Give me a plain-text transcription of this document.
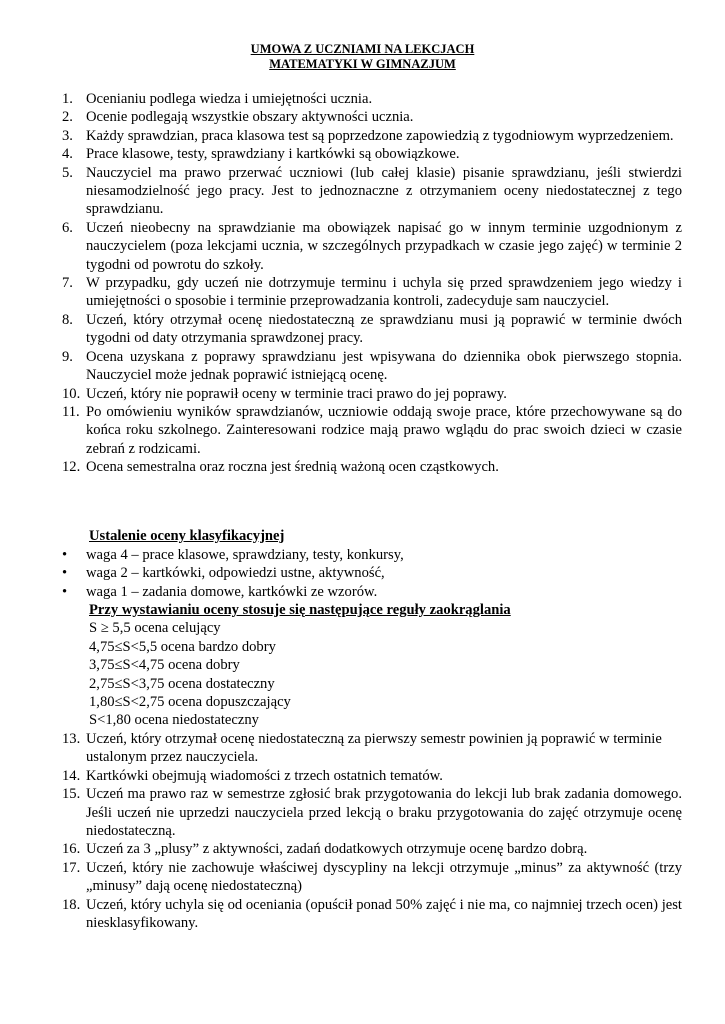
UMOWA Z UCZNIAMI NA LEKCJACH
MATEMATYKI W GIMNAZJUM
1. Ocenianiu podlega wiedza i umiejętności ucznia.
2. Ocenie podlegają wszystkie obszary aktywności ucznia.
3. Każdy sprawdzian, praca klasowa test są poprzedzone zapowiedzią z tygodniowym wyprzedzeniem.
4. Prace klasowe, testy, sprawdziany i kartkówki są obowiązkowe.
5. Nauczyciel ma prawo przerwać uczniowi (lub całej klasie) pisanie sprawdzianu, jeśli stwierdzi niesamodzielność jego pracy. Jest to jednoznaczne z otrzymaniem oceny niedostatecznej z tego sprawdzianu.
6. Uczeń nieobecny na sprawdzianie ma obowiązek napisać go w innym terminie uzgodnionym z nauczycielem (poza lekcjami ucznia, w szczególnych przypadkach w czasie jego zajęć) w terminie 2 tygodni od powrotu do szkoły.
7. W przypadku, gdy uczeń nie dotrzymuje terminu i uchyla się przed sprawdzeniem jego wiedzy i umiejętności o sposobie i terminie przeprowadzania kontroli, zadecyduje sam nauczyciel.
8. Uczeń, który otrzymał ocenę niedostateczną ze sprawdzianu musi ją poprawić w terminie dwóch tygodni od daty otrzymania sprawdzonej pracy.
9. Ocena uzyskana z poprawy sprawdzianu jest wpisywana do dziennika obok pierwszego stopnia. Nauczyciel może jednak poprawić istniejącą ocenę.
10. Uczeń, który nie poprawił oceny w terminie traci prawo do jej poprawy.
11. Po omówieniu wyników sprawdzianów, uczniowie oddają swoje prace, które przechowywane są do końca roku szkolnego. Zainteresowani rodzice mają prawo wglądu do prac swoich dzieci w czasie zebrań z rodzicami.
12. Ocena semestralna oraz roczna jest średnią ważoną ocen cząstkowych.
Ustalenie oceny klasyfikacyjnej
•	waga 4 – prace klasowe, sprawdziany, testy, konkursy,
•	waga 2 – kartkówki, odpowiedzi ustne, aktywność,
•	waga 1 – zadania domowe, kartkówki ze wzorów.
Przy wystawianiu oceny stosuje się następujące reguły zaokrąglania
S ≥ 5,5 ocena celujący
4,75≤S<5,5 ocena bardzo dobry
3,75≤S<4,75 ocena dobry
2,75≤S<3,75 ocena dostateczny
1,80≤S<2,75 ocena dopuszczający
S<1,80 ocena niedostateczny
13. Uczeń, który otrzymał ocenę niedostateczną za pierwszy semestr powinien ją poprawić w terminie ustalonym przez nauczyciela.
14. Kartkówki obejmują wiadomości z trzech ostatnich tematów.
15. Uczeń ma prawo raz w semestrze zgłosić brak przygotowania do lekcji lub brak zadania domowego. Jeśli uczeń nie uprzedzi nauczyciela przed lekcją o braku przygotowania do zajęć otrzymuje ocenę niedostateczną.
16. Uczeń za 3 „plusy” z aktywności, zadań dodatkowych otrzymuje ocenę bardzo dobrą.
17. Uczeń, który nie zachowuje właściwej dyscypliny na lekcji otrzymuje „minus” za aktywność (trzy „minusy” dają ocenę niedostateczną)
18. Uczeń, który uchyla się od oceniania (opuścił ponad 50% zajęć i nie ma, co najmniej trzech ocen) jest niesklasyfikowany.
